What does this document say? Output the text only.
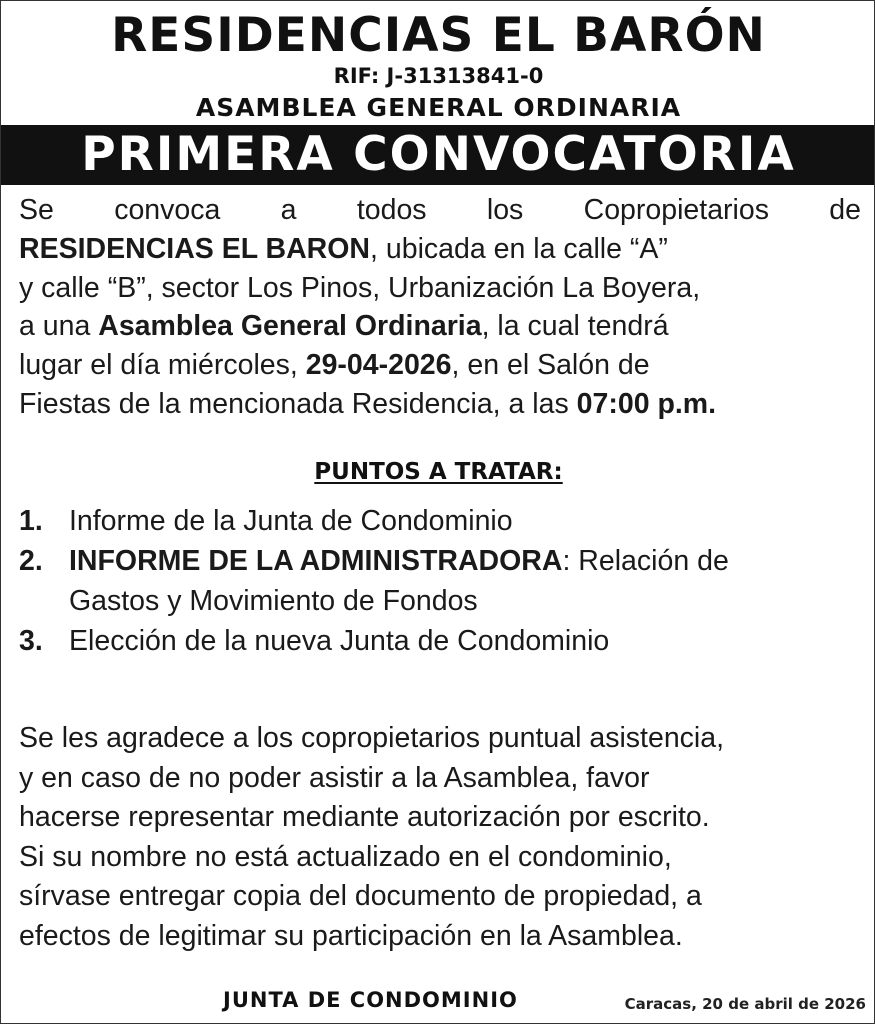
RESIDENCIAS EL BARÓN
RIF: J-31313841-0
ASAMBLEA GENERAL ORDINARIA
PRIMERA CONVOCATORIA
Se convoca a todos los Copropietarios de
RESIDENCIAS EL BARON, ubicada en la calle “A”
y calle “B”, sector Los Pinos, Urbanización La Boyera,
a una Asamblea General Ordinaria, la cual tendrá
lugar el día miércoles, 29-04-2026, en el Salón de
Fiestas de la mencionada Residencia, a las 07:00 p.m.
PUNTOS A TRATAR:
1. Informe de la Junta de Condominio
2. INFORME DE LA ADMINISTRADORA: Relación de
Gastos y Movimiento de Fondos
3. Elección de la nueva Junta de Condominio
Se les agradece a los copropietarios puntual asistencia,
y en caso de no poder asistir a la Asamblea, favor
hacerse representar mediante autorización por escrito.
Si su nombre no está actualizado en el condominio,
sírvase entregar copia del documento de propiedad, a
efectos de legitimar su participación en la Asamblea.
JUNTA DE CONDOMINIO	Caracas, 20 de abril de 2026
